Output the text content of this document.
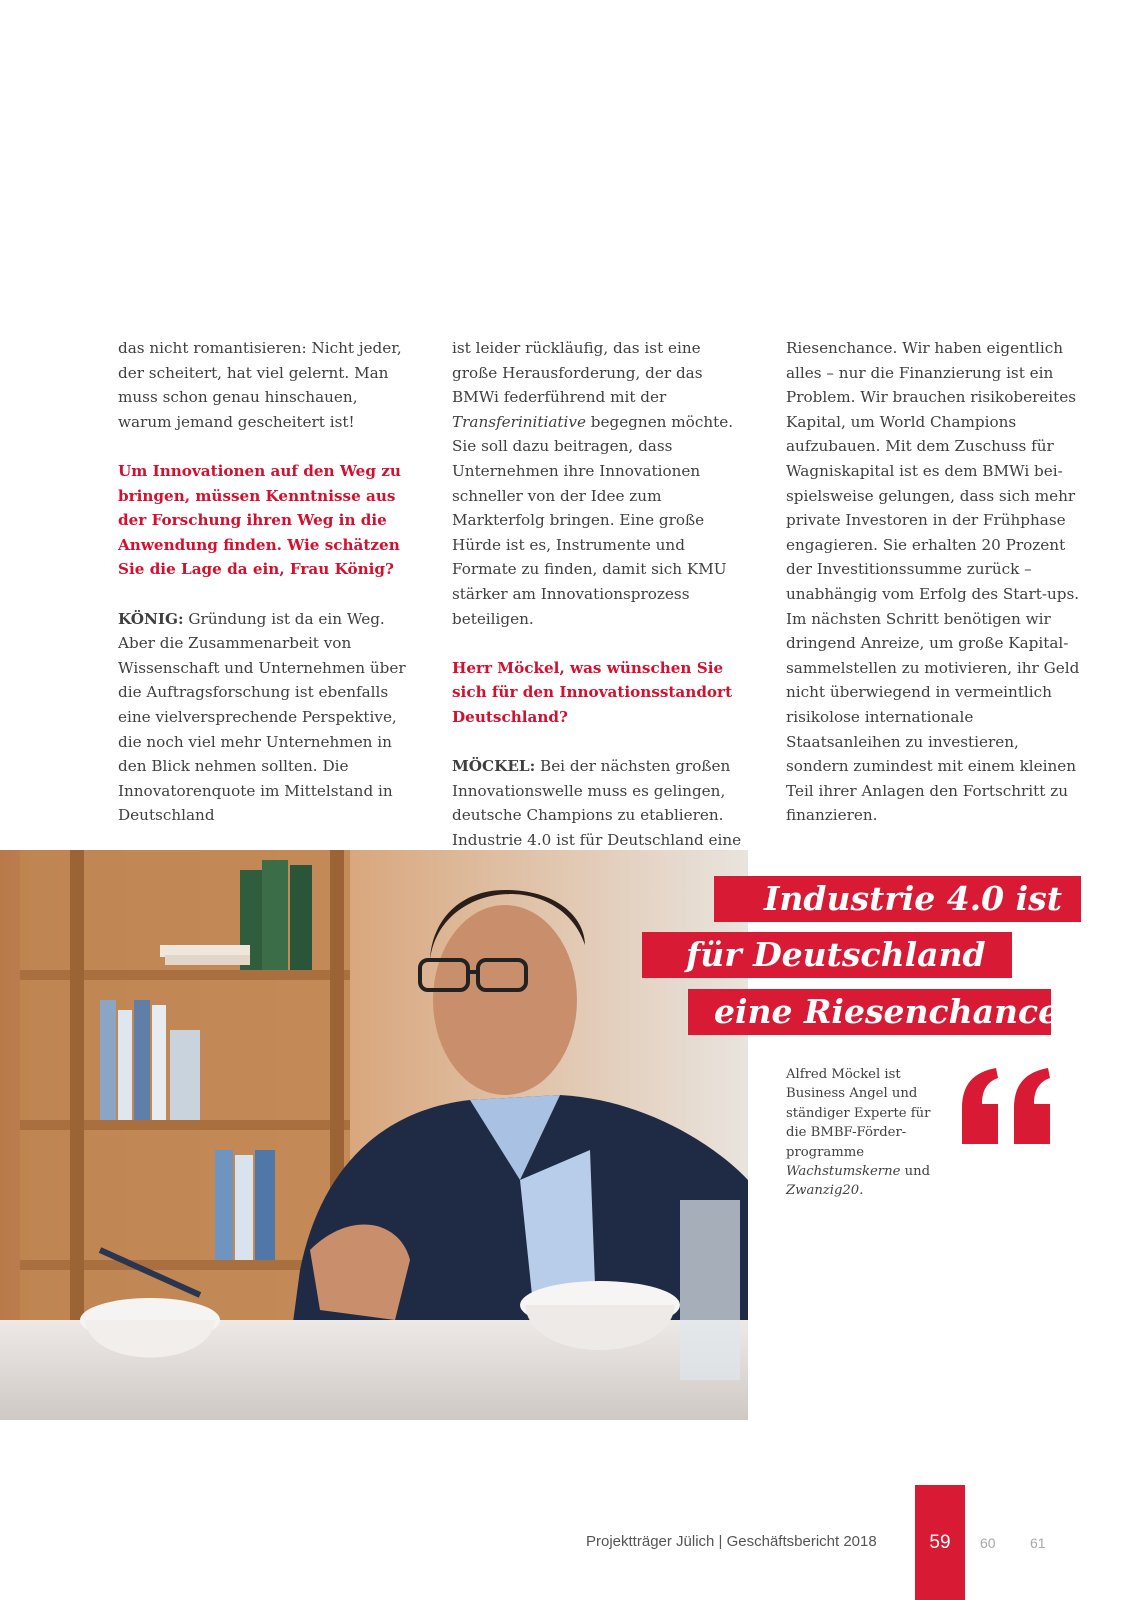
das nicht romantisieren: Nicht jeder, der scheitert, hat viel gelernt. Man muss schon genau hinschauen, warum jemand gescheitert ist!

Um Innovationen auf den Weg zu bringen, müssen Kenntnisse aus der Forschung ihren Weg in die Anwendung finden. Wie schätzen Sie die Lage da ein, Frau König?

KÖNIG: Gründung ist da ein Weg. Aber die Zusammenarbeit von Wissenschaft und Unternehmen über die Auftragsforschung ist ebenfalls eine vielversprechende Perspektive, die noch viel mehr Unternehmen in den Blick nehmen sollten. Die Innovatorenquote im Mittelstand in Deutschland

ist leider rückläufig, das ist eine große Herausforderung, der das BMWi federführend mit der Transferinitiative begegnen möchte. Sie soll dazu beitragen, dass Unternehmen ihre Innovationen schneller von der Idee zum Markterfolg bringen. Eine große Hürde ist es, Instrumente und Formate zu finden, damit sich KMU stärker am Innovationsprozess beteiligen.

Herr Möckel, was wünschen Sie sich für den Innovationsstandort Deutschland?

MÖCKEL: Bei der nächsten großen Innovationswelle muss es gelingen, deutsche Champions zu etablieren. Industrie 4.0 ist für Deutschland eine

Riesenchance. Wir haben eigentlich alles – nur die Finanzierung ist ein Problem. Wir brauchen risikobereites Kapital, um World Champions aufzubauen. Mit dem Zuschuss für Wagniskapital ist es dem BMWi beispielsweise gelungen, dass sich mehr private Investoren in der Frühphase engagieren. Sie erhalten 20 Prozent der Investitionssumme zurück – unabhängig vom Erfolg des Start-ups. Im nächsten Schritt benötigen wir dringend Anreize, um große Kapitalsammelstellen zu motivieren, ihr Geld nicht überwiegend in vermeintlich risikolose internationale Staatsanleihen zu investieren, sondern zumindest mit einem kleinen Teil ihrer Anlagen den Fortschritt zu finanzieren.

Industrie 4.0 ist
für Deutschland
eine Riesenchance
Alfred Möckel ist Business Angel und ständiger Experte für die BMBF-Förderprogramme Wachstumskerne und Zwanzig20.
Projektträger Jülich | Geschäftsbericht 2018	59	60 61
